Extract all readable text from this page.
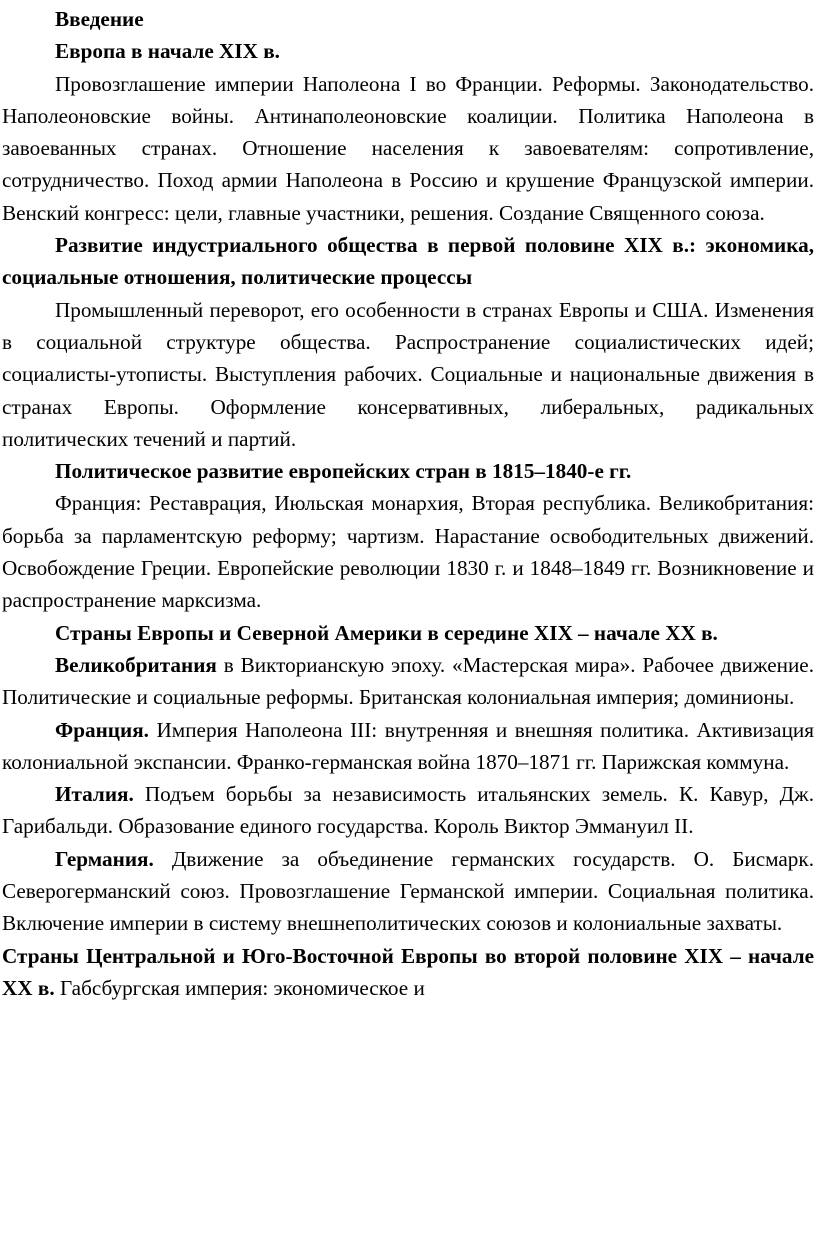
Введение

Европа в начале XIX в.

Провозглашение империи Наполеона I во Франции. Реформы. Законодательство. Наполеоновские войны. Антинаполеоновские коалиции. Политика Наполеона в завоеванных странах. Отношение населения к завоевателям: сопротивление, сотрудничество. Поход армии Наполеона в Россию и крушение Французской империи. Венский конгресс: цели, главные участники, решения. Создание Священного союза.

Развитие индустриального общества в первой половине XIX в.: экономика, социальные отношения, политические процессы

Промышленный переворот, его особенности в странах Европы и США. Изменения в социальной структуре общества. Распространение социалистических идей; социалисты-утописты. Выступления рабочих. Социальные и национальные движения в странах Европы. Оформление консервативных, либеральных, радикальных политических течений и партий.

Политическое развитие европейских стран в 1815–1840-е гг.

Франция: Реставрация, Июльская монархия, Вторая республика. Великобритания: борьба за парламентскую реформу; чартизм. Нарастание освободительных движений. Освобождение Греции. Европейские революции 1830 г. и 1848–1849 гг. Возникновение и распространение марксизма.

Страны Европы и Северной Америки в середине XIX – начале XX в.

Великобритания в Викторианскую эпоху. «Мастерская мира». Рабочее движение. Политические и социальные реформы. Британская колониальная империя; доминионы.

Франция. Империя Наполеона III: внутренняя и внешняя политика. Активизация колониальной экспансии. Франко-германская война 1870–1871 гг. Парижская коммуна.

Италия. Подъем борьбы за независимость итальянских земель. К. Кавур, Дж. Гарибальди. Образование единого государства. Король Виктор Эммануил II.

Германия. Движение за объединение германских государств. О. Бисмарк. Северогерманский союз. Провозглашение Германской империи. Социальная политика. Включение империи в систему внешнеполитических союзов и колониальные захваты.

Страны Центральной и Юго-Восточной Европы во второй половине XIX – начале XX в. Габсбургская империя: экономическое и
